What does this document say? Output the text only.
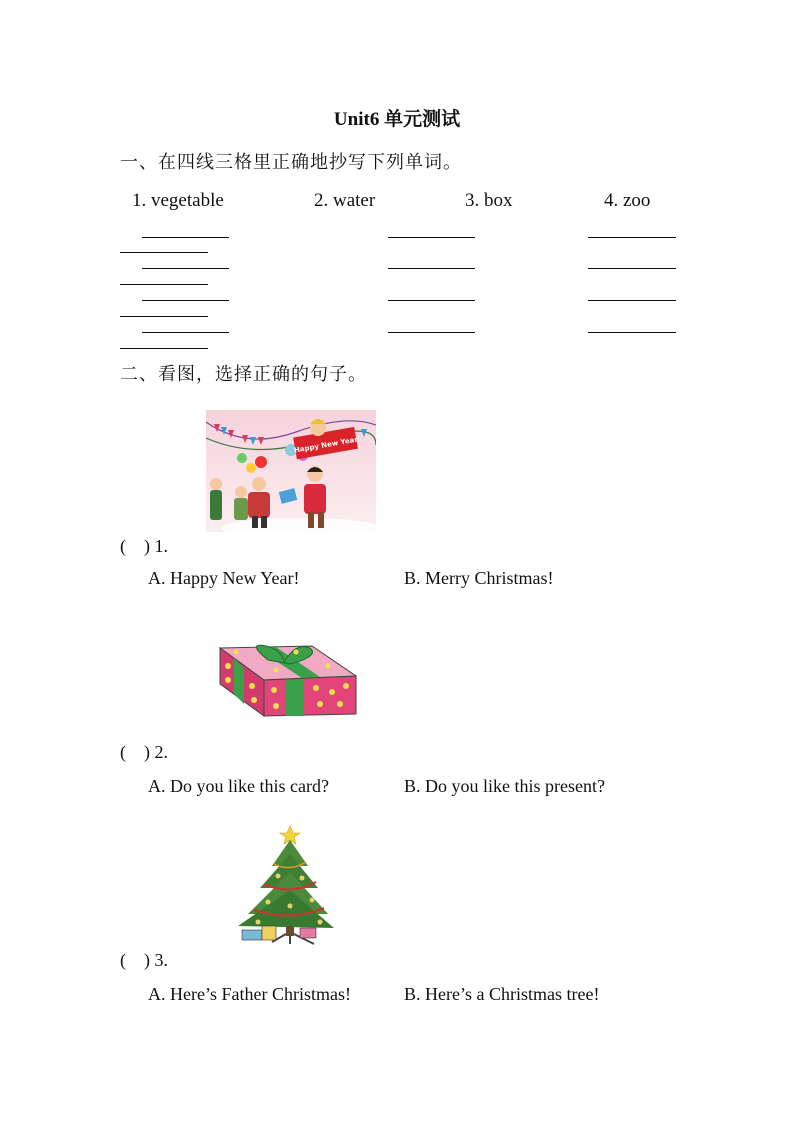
Unit6 单元测试
一、在四线三格里正确地抄写下列单词。
1. vegetable	2. water	3. box	4. zoo
二、看图，选择正确的句子。
Happy New Year
(　) 1.
A. Happy New Year!	B. Merry Christmas!
(　) 2.
A. Do you like this card?	B. Do you like this present?
(　) 3.
A. Here’s Father Christmas!	B. Here’s a Christmas tree!
